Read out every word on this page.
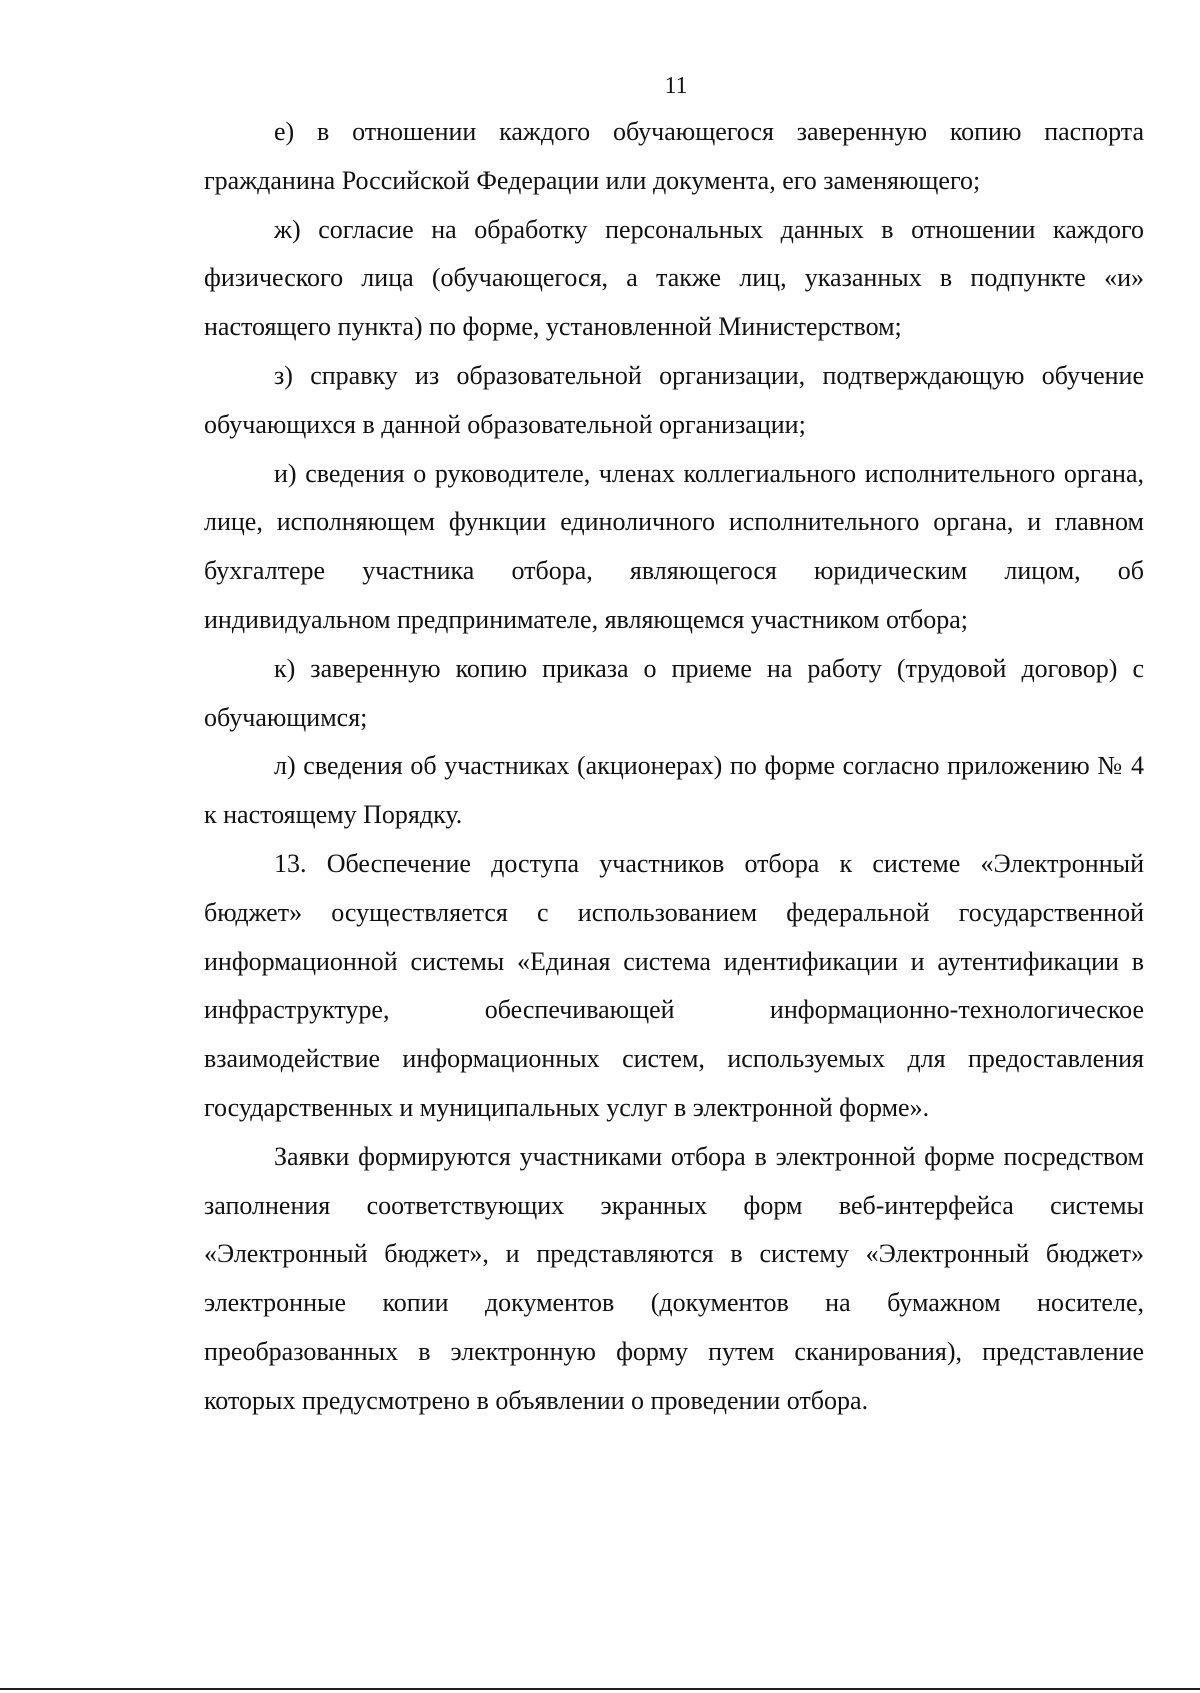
11

е) в отношении каждого обучающегося заверенную копию паспорта гражданина Российской Федерации или документа, его заменяющего;

ж) согласие на обработку персональных данных в отношении каждого физического лица (обучающегося, а также лиц, указанных в подпункте «и» настоящего пункта) по форме, установленной Министерством;

з) справку из образовательной организации, подтверждающую обучение обучающихся в данной образовательной организации;

и) сведения о руководителе, членах коллегиального исполнительного органа, лице, исполняющем функции единоличного исполнительного органа, и главном бухгалтере участника отбора, являющегося юридическим лицом, об индивидуальном предпринимателе, являющемся участником отбора;

к) заверенную копию приказа о приеме на работу (трудовой договор) с обучающимся;

л) сведения об участниках (акционерах) по форме согласно приложению № 4 к настоящему Порядку.

13. Обеспечение доступа участников отбора к системе «Электронный бюджет» осуществляется с использованием федеральной государственной информационной системы «Единая система идентификации и аутентификации в инфраструктуре, обеспечивающей информационно-технологическое взаимодействие информационных систем, используемых для предоставления государственных и муниципальных услуг в электронной форме».

Заявки формируются участниками отбора в электронной форме посредством заполнения соответствующих экранных форм веб-интерфейса системы «Электронный бюджет», и представляются в систему «Электронный бюджет» электронные копии документов (документов на бумажном носителе, преобразованных в электронную форму путем сканирования), представление которых предусмотрено в объявлении о проведении отбора.
